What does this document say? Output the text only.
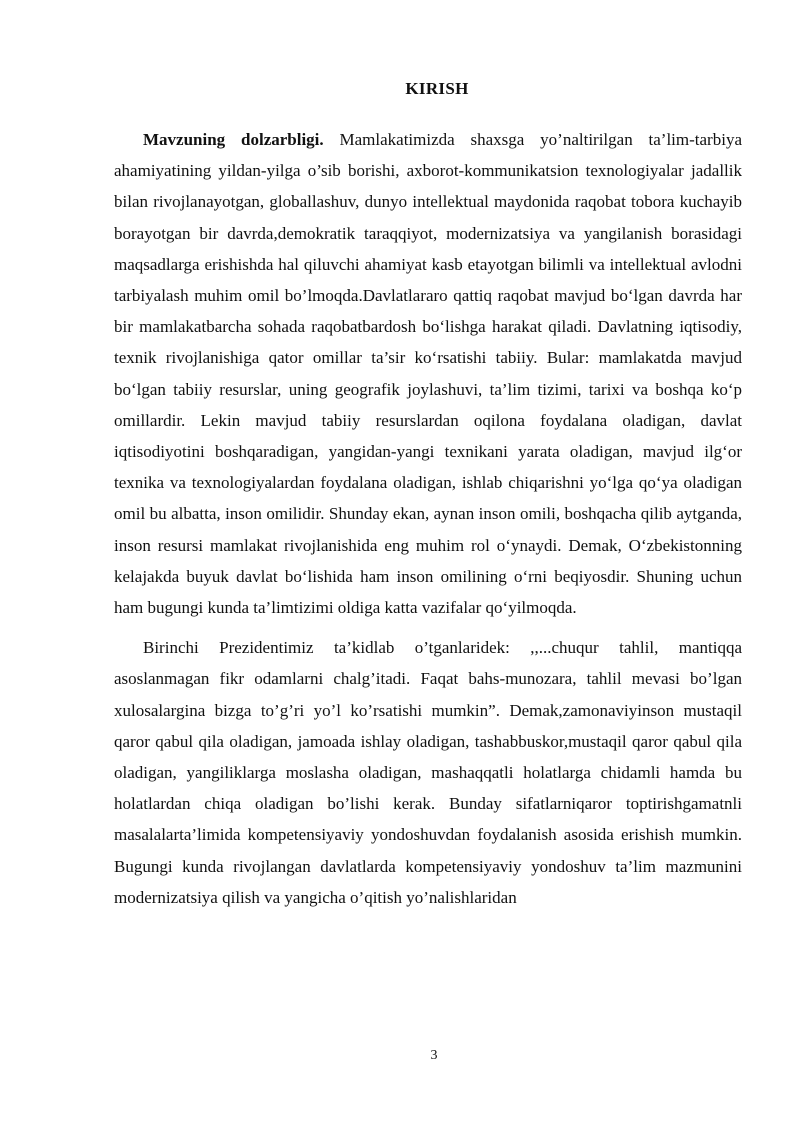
KIRISH

Mavzuning dolzarbligi. Mamlakatimizda shaxsga yo’naltirilgan ta’lim-tarbiya ahamiyatining yildan-yilga o’sib borishi, axborot-kommunikatsion texnologiyalar jadallik bilan rivojlanayotgan, globallashuv, dunyo intellektual maydonida raqobat tobora kuchayib borayotgan bir davrda,demokratik taraqqiyot, modernizatsiya va yangilanish borasidagi maqsadlarga erishishda hal qiluvchi ahamiyat kasb etayotgan bilimli va intellektual avlodni tarbiyalash muhim omil bo’lmoqda.Davlatlararo qattiq raqobat mavjud bo‘lgan davrda har bir mamlakatbarcha sohada raqobatbardosh bo‘lishga harakat qiladi. Davlatning iqtisodiy, texnik rivojlanishiga qator omillar ta’sir ko‘rsatishi tabiiy. Bular: mamlakatda mavjud bo‘lgan tabiiy resurslar, uning geografik joylashuvi, ta’lim tizimi, tarixi va boshqa ko‘p omillardir. Lekin mavjud tabiiy resurslardan oqilona foydalana oladigan, davlat iqtisodiyotini boshqaradigan, yangidan-yangi texnikani yarata oladigan, mavjud ilg‘or texnika va texnologiyalardan foydalana oladigan, ishlab chiqarishni yo‘lga qo‘ya oladigan omil bu albatta, inson omilidir. Shunday ekan, aynan inson omili, boshqacha qilib aytganda, inson resursi mamlakat rivojlanishida eng muhim rol o‘ynaydi. Demak, O‘zbekistonning kelajakda buyuk davlat bo‘lishida ham inson omilining o‘rni beqiyosdir. Shuning uchun ham bugungi kunda ta’limtizimi oldiga katta vazifalar qo‘yilmoqda.

Birinchi Prezidentimiz ta’kidlab o’tganlaridek: ,,...chuqur tahlil, mantiqqa asoslanmagan fikr odamlarni chalg’itadi. Faqat bahs-munozara, tahlil mevasi bo’lgan xulosalargina bizga to’g’ri yo’l ko’rsatishi mumkin”. Demak,zamonaviyinson mustaqil qaror qabul qila oladigan, jamoada ishlay oladigan, tashabbuskor,mustaqil qaror qabul qila oladigan, yangiliklarga moslasha oladigan, mashaqqatli holatlarga chidamli hamda bu holatlardan chiqa oladigan bo’lishi kerak. Bunday sifatlarniqaror toptirishgamatnli masalalarta’limida kompetensiyaviy yondoshuvdan foydalanish asosida erishish mumkin. Bugungi kunda rivojlangan davlatlarda kompetensiyaviy yondoshuv ta’lim mazmunini modernizatsiya qilish va yangicha o’qitish yo’nalishlaridan

3
